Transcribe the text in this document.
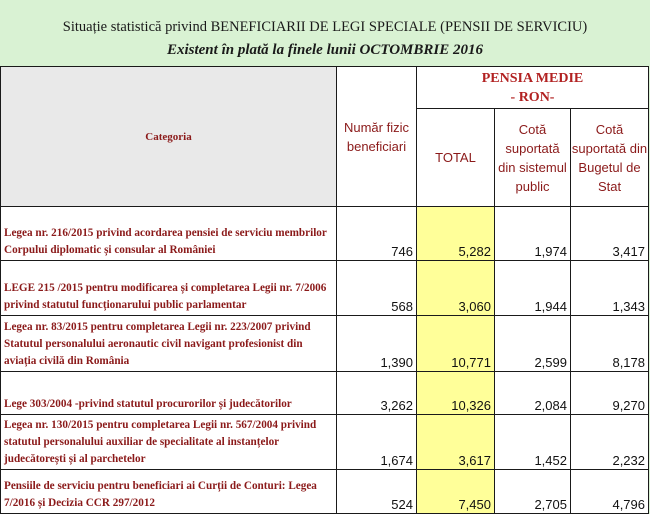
Situație statistică privind BENEFICIARII DE LEGI SPECIALE (PENSII DE SERVICIU)
Existent în plată la finele lunii OCTOMBRIE 2016
Categoria	Număr fizic beneficiari	PENSIA MEDIE
- RON-		

		TOTAL	Cotă suportată din sistemul public	Cotă suportată din Bugetul de Stat
Legea nr. 216/2015 privind acordarea pensiei de serviciu membrilor Corpului diplomatic și consular al României	746	5,282	1,974	3,417
LEGE 215 /2015 pentru modificarea și completarea Legii nr. 7/2006 privind statutul funcționarului public parlamentar	568	3,060	1,944	1,343
Legea nr. 83/2015 pentru completarea Legii nr. 223/2007 privind Statutul personalului aeronautic civil navigant profesionist din aviația civilă din România	1,390	10,771	2,599	8,178
Lege 303/2004 -privind statutul procurorilor și judecătorilor	3,262	10,326	2,084	9,270
Legea nr. 130/2015 pentru completarea Legii nr. 567/2004 privind statutul personalului auxiliar de specialitate al instanțelor judecătorești și al parchetelor	1,674	3,617	1,452	2,232
Pensiile de serviciu pentru beneficiari ai Curții de Conturi: Legea 7/2016 și Decizia CCR 297/2012	524	7,450	2,705	4,796
